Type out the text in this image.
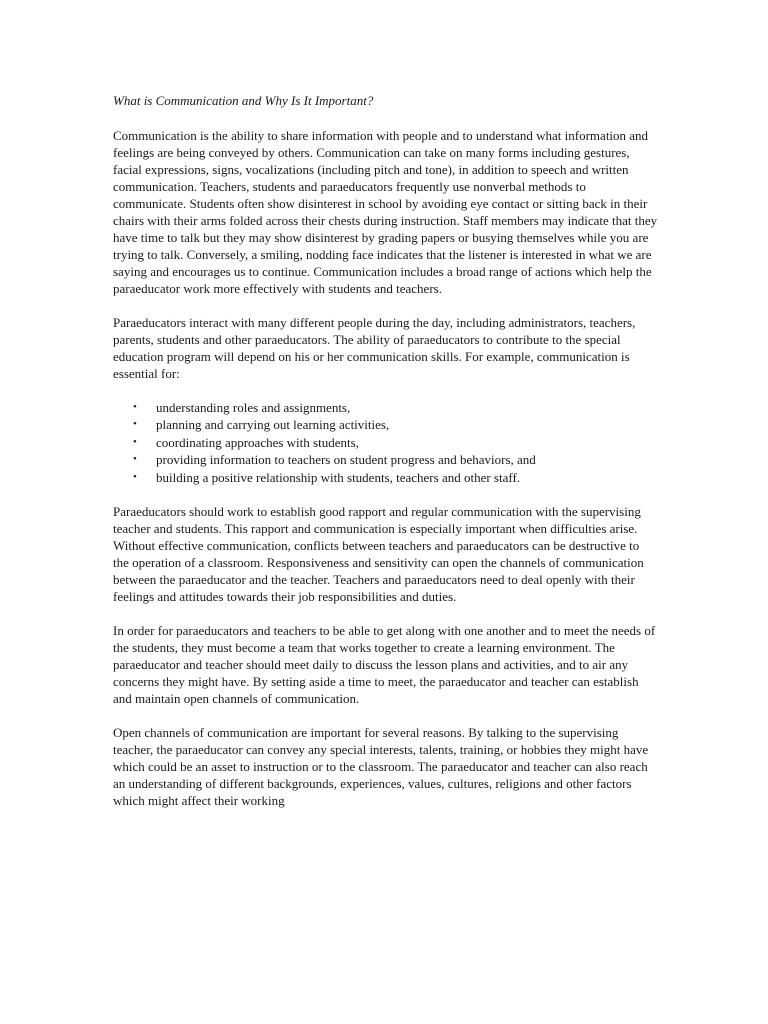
What is Communication and Why Is It Important?

Communication is the ability to share information with people and to understand what information and feelings are being conveyed by others. Communication can take on many forms including gestures, facial expressions, signs, vocalizations (including pitch and tone), in addition to speech and written communication. Teachers, students and paraeducators frequently use nonverbal methods to communicate. Students often show disinterest in school by avoiding eye contact or sitting back in their chairs with their arms folded across their chests during instruction. Staff members may indicate that they have time to talk but they may show disinterest by grading papers or busying themselves while you are trying to talk. Conversely, a smiling, nodding face indicates that the listener is interested in what we are saying and encourages us to continue. Communication includes a broad range of actions which help the paraeducator work more effectively with students and teachers.

Paraeducators interact with many different people during the day, including administrators, teachers, parents, students and other paraeducators. The ability of paraeducators to contribute to the special education program will depend on his or her communication skills. For example, communication is essential for:

• understanding roles and assignments,
• planning and carrying out learning activities,
• coordinating approaches with students,
• providing information to teachers on student progress and behaviors, and
• building a positive relationship with students, teachers and other staff.

Paraeducators should work to establish good rapport and regular communication with the supervising teacher and students. This rapport and communication is especially important when difficulties arise. Without effective communication, conflicts between teachers and paraeducators can be destructive to the operation of a classroom. Responsiveness and sensitivity can open the channels of communication between the paraeducator and the teacher. Teachers and paraeducators need to deal openly with their feelings and attitudes towards their job responsibilities and duties.

In order for paraeducators and teachers to be able to get along with one another and to meet the needs of the students, they must become a team that works together to create a learning environment. The paraeducator and teacher should meet daily to discuss the lesson plans and activities, and to air any concerns they might have. By setting aside a time to meet, the paraeducator and teacher can establish and maintain open channels of communication.

Open channels of communication are important for several reasons. By talking to the supervising teacher, the paraeducator can convey any special interests, talents, training, or hobbies they might have which could be an asset to instruction or to the classroom. The paraeducator and teacher can also reach an understanding of different backgrounds, experiences, values, cultures, religions and other factors which might affect their working
